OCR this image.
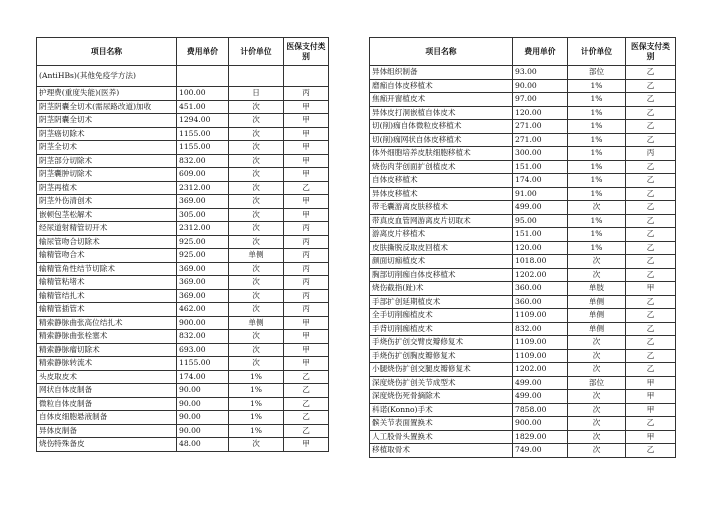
项目名称	费用单价	计价单位	医保支付类别
(AntiHBs)(其他免疫学方法)			
护理费(重度失能)(医养)	100.00	日	丙
阴茎阴囊全切术(需尿路改道)加收	451.00	次	甲
阴茎阴囊全切术	1294.00	次	甲
阴茎癌切除术	1155.00	次	甲
阴茎全切术	1155.00	次	甲
阴茎部分切除术	832.00	次	甲
阴茎囊肿切除术	609.00	次	甲
阴茎再植术	2312.00	次	乙
阴茎外伤清创术	369.00	次	甲
嵌顿包茎松解术	305.00	次	甲
经尿道射精管切开术	2312.00	次	丙
输尿管吻合切除术	925.00	次	丙
输精管吻合术	925.00	单侧	丙
输精管角性结节切除术	369.00	次	丙
输精管粘堵术	369.00	次	丙
输精管结扎术	369.00	次	丙
输精管插管术	462.00	次	丙
精索静脉曲张高位结扎术	900.00	单侧	甲
精索静脉曲张栓塞术	832.00	次	甲
精索静脉瘤切除术	693.00	次	甲
精索静脉转流术	1155.00	次	甲
头皮取皮术	174.00	1%	乙
网状自体皮制备	90.00	1%	乙
微粒自体皮制备	90.00	1%	乙
自体皮细胞悬液制备	90.00	1%	乙
异体皮制备	90.00	1%	乙
烧伤特殊备皮	48.00	次	甲
项目名称	费用单价	计价单位	医保支付类别
异体组织制备	93.00	部位	乙
磨痂自体皮移植术	90.00	1%	乙
焦痂开窗植皮术	97.00	1%	乙
异体皮打洞嵌植自体皮术	120.00	1%	乙
切(削)痂自体微粒皮移植术	271.00	1%	乙
切(削)痂网状自体皮移植术	271.00	1%	乙
体外细胞培养皮肤细胞移植术	300.00	1%	丙
烧伤肉芽创面扩创植皮术	151.00	1%	乙
自体皮移植术	174.00	1%	乙
异体皮移植术	91.00	1%	乙
带毛囊游离皮肤移植术	499.00	次	乙
带真皮血管网游离皮片切取术	95.00	1%	乙
游离皮片移植术	151.00	1%	乙
皮肤撕脱反取皮回植术	120.00	1%	乙
颜面切痂植皮术	1018.00	次	乙
胸部切削痂自体皮移植术	1202.00	次	乙
烧伤截指(趾)术	360.00	单肢	甲
手部扩创延期植皮术	360.00	单侧	乙
全手切削痂植皮术	1109.00	单侧	乙
手背切削痂植皮术	832.00	单侧	乙
手烧伤扩创交臂皮瓣修复术	1109.00	次	乙
手烧伤扩创胸皮瓣修复术	1109.00	次	乙
小腿烧伤扩创交腿皮瓣修复术	1202.00	次	乙
深度烧伤扩创关节成型术	499.00	部位	甲
深度烧伤死骨摘除术	499.00	次	甲
科诺(Konno)手术	7858.00	次	甲
髌关节表面置换术	900.00	次	乙
人工股骨头置换术	1829.00	次	甲
移植取骨术	749.00	次	乙
